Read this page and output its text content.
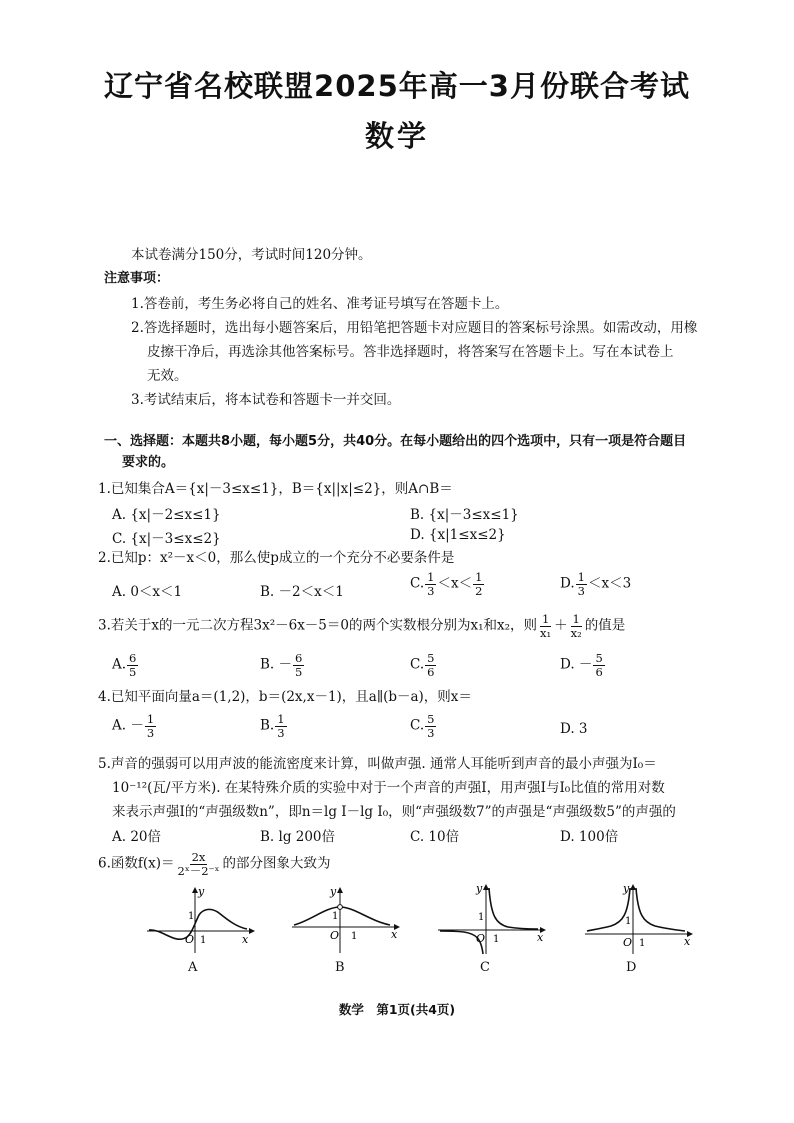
辽宁省名校联盟2025年高一3月份联合考试
数学
本试卷满分150分，考试时间120分钟。
注意事项：
1.答卷前，考生务必将自己的姓名、准考证号填写在答题卡上。
2.答选择题时，选出每小题答案后，用铅笔把答题卡对应题目的答案标号涂黑。如需改动，用橡
皮擦干净后，再选涂其他答案标号。答非选择题时，将答案写在答题卡上。写在本试卷上
无效。
3.考试结束后，将本试卷和答题卡一并交回。
一、选择题：本题共8小题，每小题5分，共40分。在每小题给出的四个选项中，只有一项是符合题目
要求的。
1.已知集合A＝{x|－3≤x≤1}，B＝{x||x|≤2}，则A∩B＝
A. {x|－2≤x≤1}	B. {x|－3≤x≤1}
C. {x|－3≤x≤2}	D. {x|1≤x≤2}
2.已知p：x²－x＜0，那么使p成立的一个充分不必要条件是
A. 0＜x＜1	B. －2＜x＜1
C. $\frac{1}{3} <x< \frac{1}{2}$	D. $\frac{1}{3} <x<3$
3.若关于x的一元二次方程3x²－6x－5＝0的两个实数根分别为x₁和x₂，则 $\frac{1}{\text{x₁}} + \frac{1}{\text{x₂}}$ 的值是
A. $\frac{6}{5}$	B. － $\frac{6}{5}$	C. $\frac{5}{6}$	D. － $\frac{5}{6}$
4.已知平面向量a＝(1,2)，b＝(2x,x－1)，且a∥(b－a)，则x＝
A. － $\frac{1}{3}$	B. $\frac{1}{3}$	C. $\frac{5}{3}$	D. 3
5.声音的强弱可以用声波的能流密度来计算，叫做声强. 通常人耳能听到声音的最小声强为I₀＝
10⁻¹²(瓦/平方米). 在某特殊介质的实验中对于一个声音的声强I，用声强I与I₀比值的常用对数
来表示声强I的“声强级数n”，即n＝lg I－lg I₀，则“声强级数7”的声强是“声强级数5”的声强的
A. 20倍	B. lg 200倍	C. 10倍	D. 100倍
6.函数$f(x)= \frac{2x}{\text{2ˣ－2⁻ˣ}}$ 的部分图象大致为
y
x
O 1
1
A
y
x
O 1
1
B
y
x
O 1
1
C
y
x
O 1
1
D
数学　第1页(共4页)
